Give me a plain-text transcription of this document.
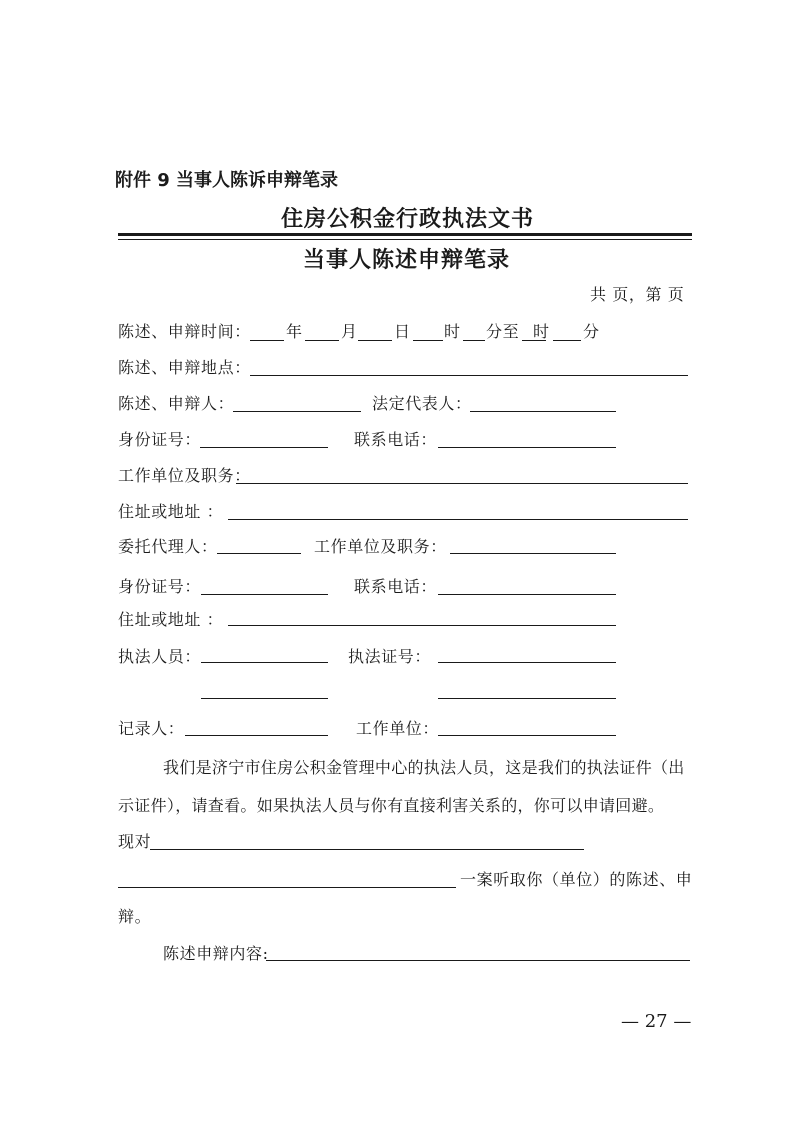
附件 9 当事人陈诉申辩笔录
住房公积金行政执法文书
当事人陈述申辩笔录
共 页，第 页
陈述、申辩时间： 年 月 日 时 分至 时 分
陈述、申辩地点：
陈述、申辩人：	法定代表人：
身份证号：	联系电话：
工作单位及职务：
住址或地址 ：
委托代理人：	工作单位及职务：
身份证号：	联系电话：
住址或地址 ：
执法人员：	执法证号：
记录人：	工作单位：
我们是济宁市住房公积金管理中心的执法人员，这是我们的执法证件（出
示证件），请查看。如果执法人员与你有直接利害关系的，你可以申请回避。
现对
一案听取你（单位）的陈述、申
辩。
陈述申辩内容:
— 27 —
